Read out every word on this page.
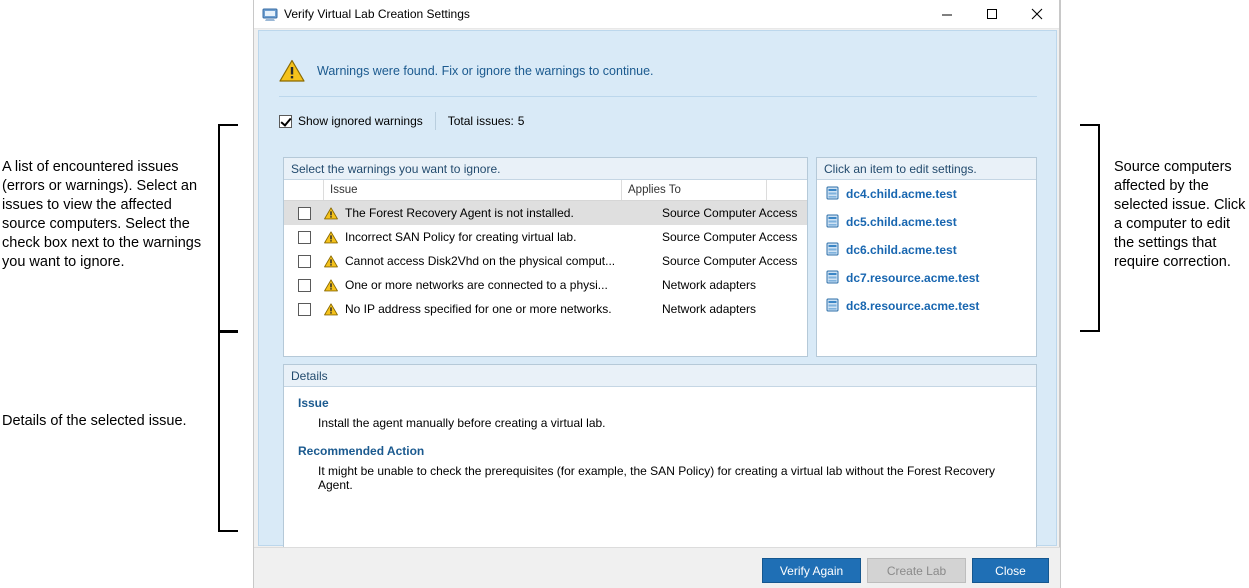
A list of encountered issues (errors or warnings). Select an issues to view the affected source computers. Select the check box next to the warnings you want to ignore.
Details of the selected issue.
Source computers affected by the selected issue. Click a computer to edit the settings that require correction.
Verify Virtual Lab Creation Settings
Warnings were found. Fix or ignore the warnings to continue.
Show ignored warnings Total issues: 5
Select the warnings you want to ignore.
Issue	Applies To
The Forest Recovery Agent is not installed.	Source Computer Access
Incorrect SAN Policy for creating virtual lab.	Source Computer Access
Cannot access Disk2Vhd on the physical comput...	Source Computer Access
One or more networks are connected to a physi...	Network adapters
No IP address specified for one or more networks.	Network adapters
Click an item to edit settings.
dc4.child.acme.test
dc5.child.acme.test
dc6.child.acme.test
dc7.resource.acme.test
dc8.resource.acme.test
Details
Issue
Install the agent manually before creating a virtual lab.
Recommended Action
It might be unable to check the prerequisites (for example, the SAN Policy) for creating a virtual lab without the Forest Recovery Agent.
Verify Again	Create Lab	Close
